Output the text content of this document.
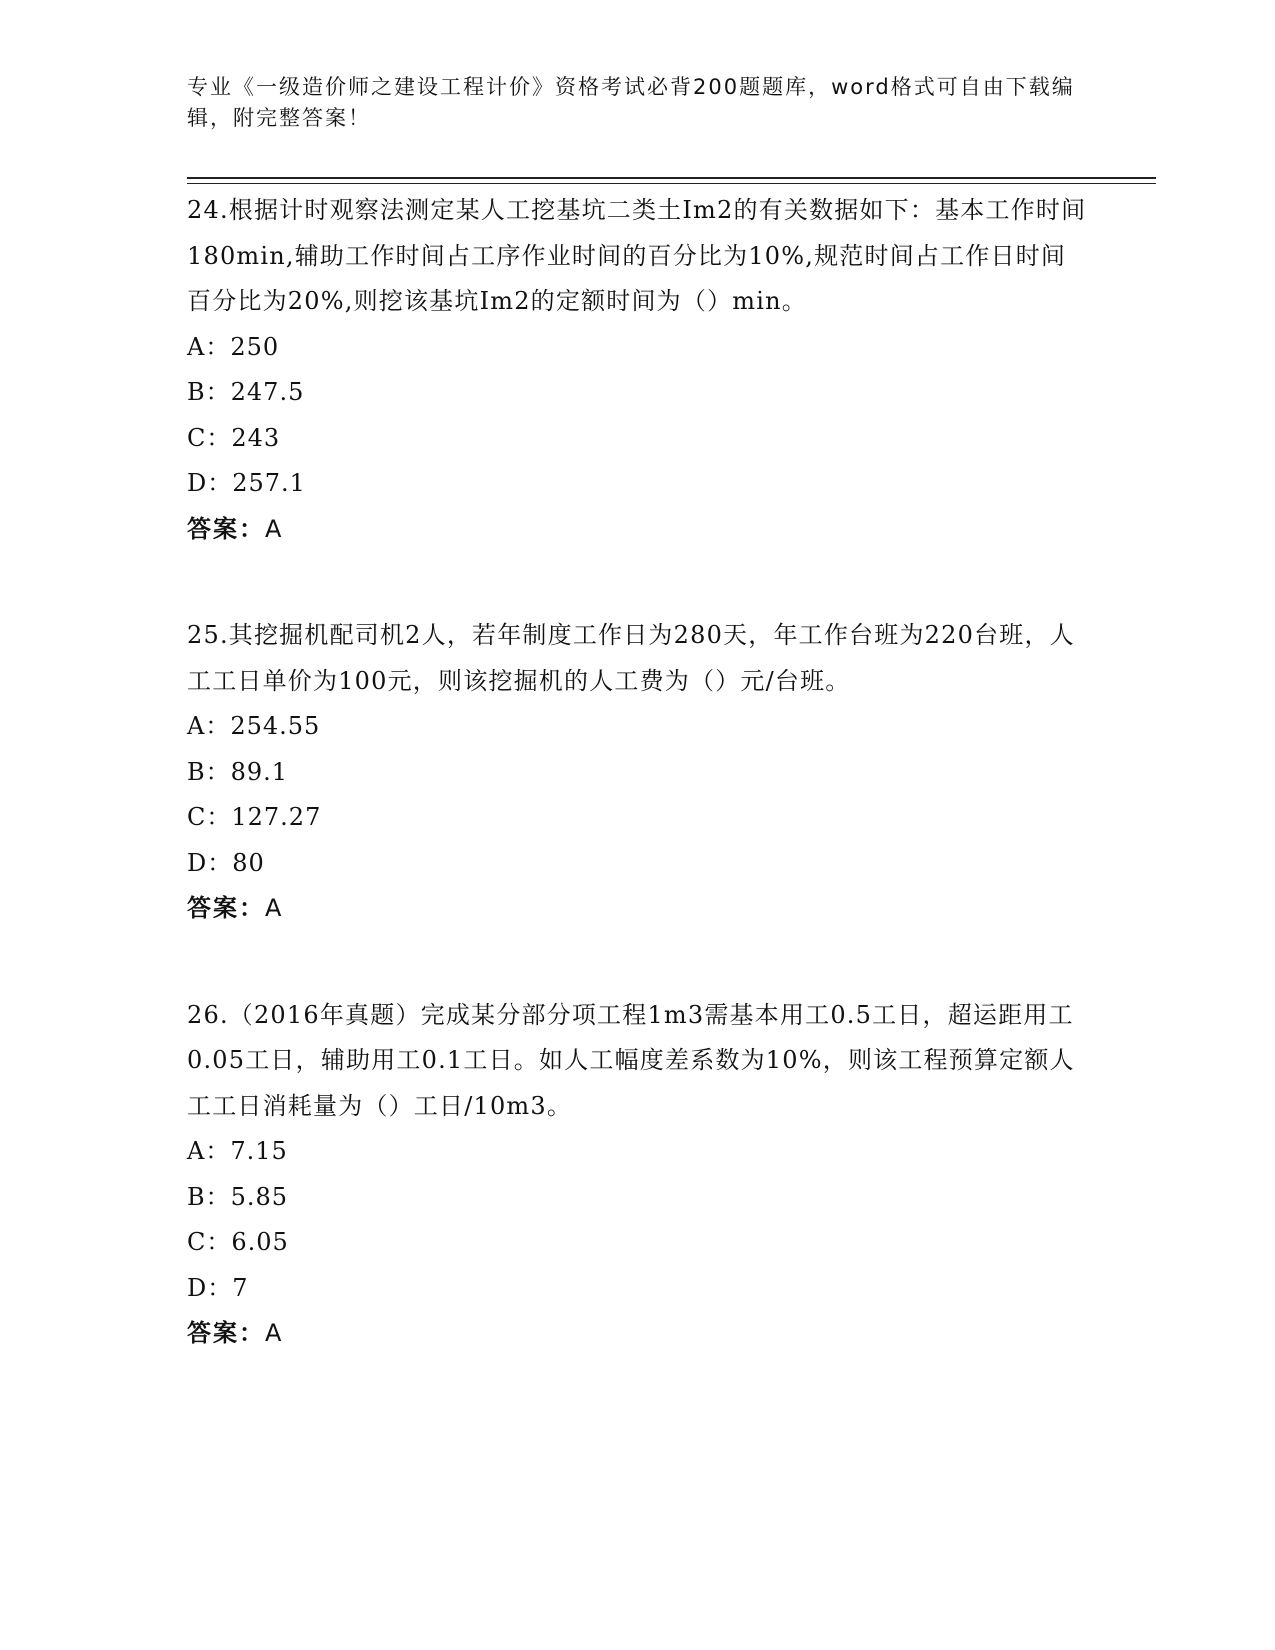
专业《一级造价师之建设工程计价》资格考试必背200题题库，word格式可自由下载编辑，附完整答案！

24.根据计时观察法测定某人工挖基坑二类土Im2的有关数据如下：基本工作时间180min,辅助工作时间占工序作业时间的百分比为10%,规范时间占工作日时间百分比为20%,则挖该基坑Im2的定额时间为（）min。

A：250

B：247.5

C：243

D：257.1

答案：A

25.其挖掘机配司机2人，若年制度工作日为280天，年工作台班为220台班，人工工日单价为100元，则该挖掘机的人工费为（）元/台班。

A：254.55

B：89.1

C：127.27

D：80

答案：A

26.（2016年真题）完成某分部分项工程1m3需基本用工0.5工日，超运距用工0.05工日，辅助用工0.1工日。如人工幅度差系数为10%，则该工程预算定额人工工日消耗量为（）工日/10m3。

A：7.15

B：5.85

C：6.05

D：7

答案：A
